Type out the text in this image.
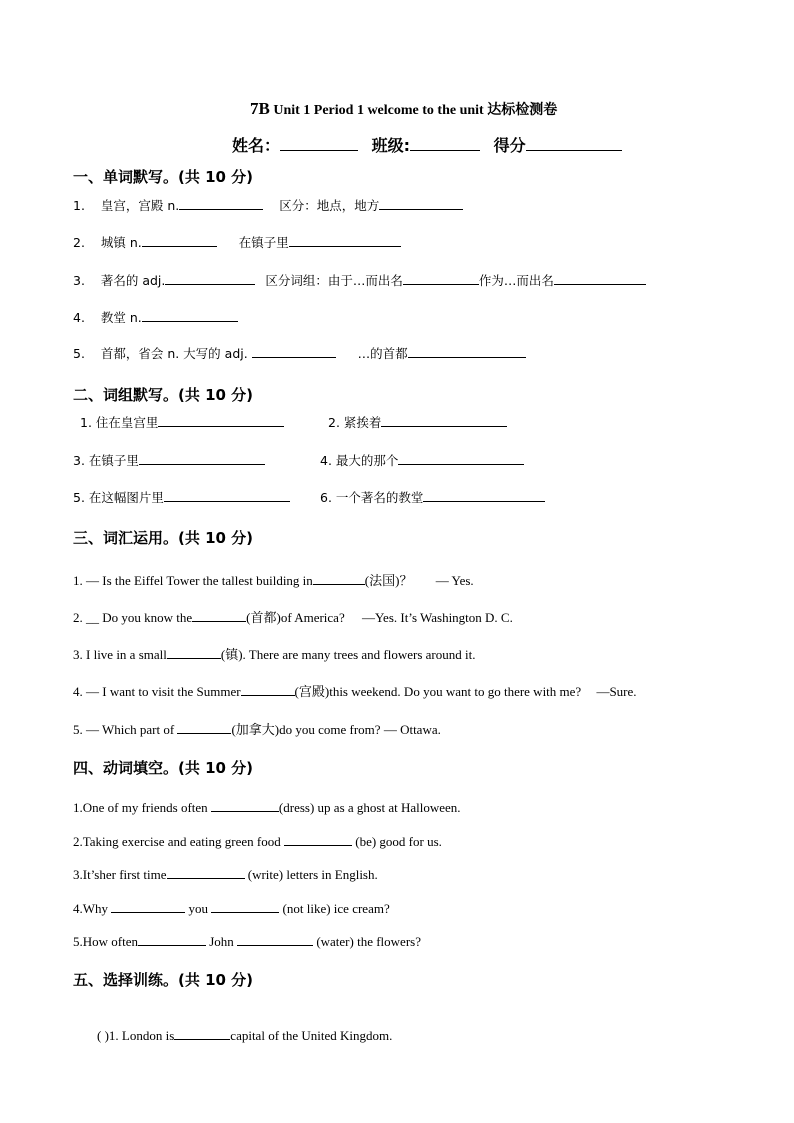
7B Unit 1 Period 1 welcome to the unit 达标检测卷
姓名：	班级:	得分
一、单词默写。(共 10 分)
1. 皇宫，宫殿 n.	区分：地点，地方
2. 城镇 n.	在镇子里
3. 著名的 adj.	区分词组：由于…而出名	作为…而出名
4. 教堂 n.
5. 首都，省会 n. 大写的 adj.	…的首都
二、词组默写。(共 10 分)
1. 住在皇宫里	2. 紧挨着
3. 在镇子里	4. 最大的那个
5. 在这幅图片里	6. 一个著名的教堂
三、词汇运用。(共 10 分)
1. — Is the Eiffel Tower the tallest building in	(法国)？ — Yes.
2. __ Do you know the	(首都)of America? —Yes. It’s Washington D. C.
3. I live in a small	(镇). There are many trees and flowers around it.
4. — I want to visit the Summer	(宫殿)this weekend. Do you want to go there with me? —Sure.
5. — Which part of	(加拿大)do you come from? — Ottawa.
四、动词填空。(共 10 分)
1.One of my friends often	(dress) up as a ghost at Halloween.
2.Taking exercise and eating green food	(be) good for us.
3.It’sher first time	(write) letters in English.
4.Why	you	(not like) ice cream?
5.How often	John	(water) the flowers?
五、选择训练。(共 10 分)
( )1. London is	capital of the United Kingdom.
